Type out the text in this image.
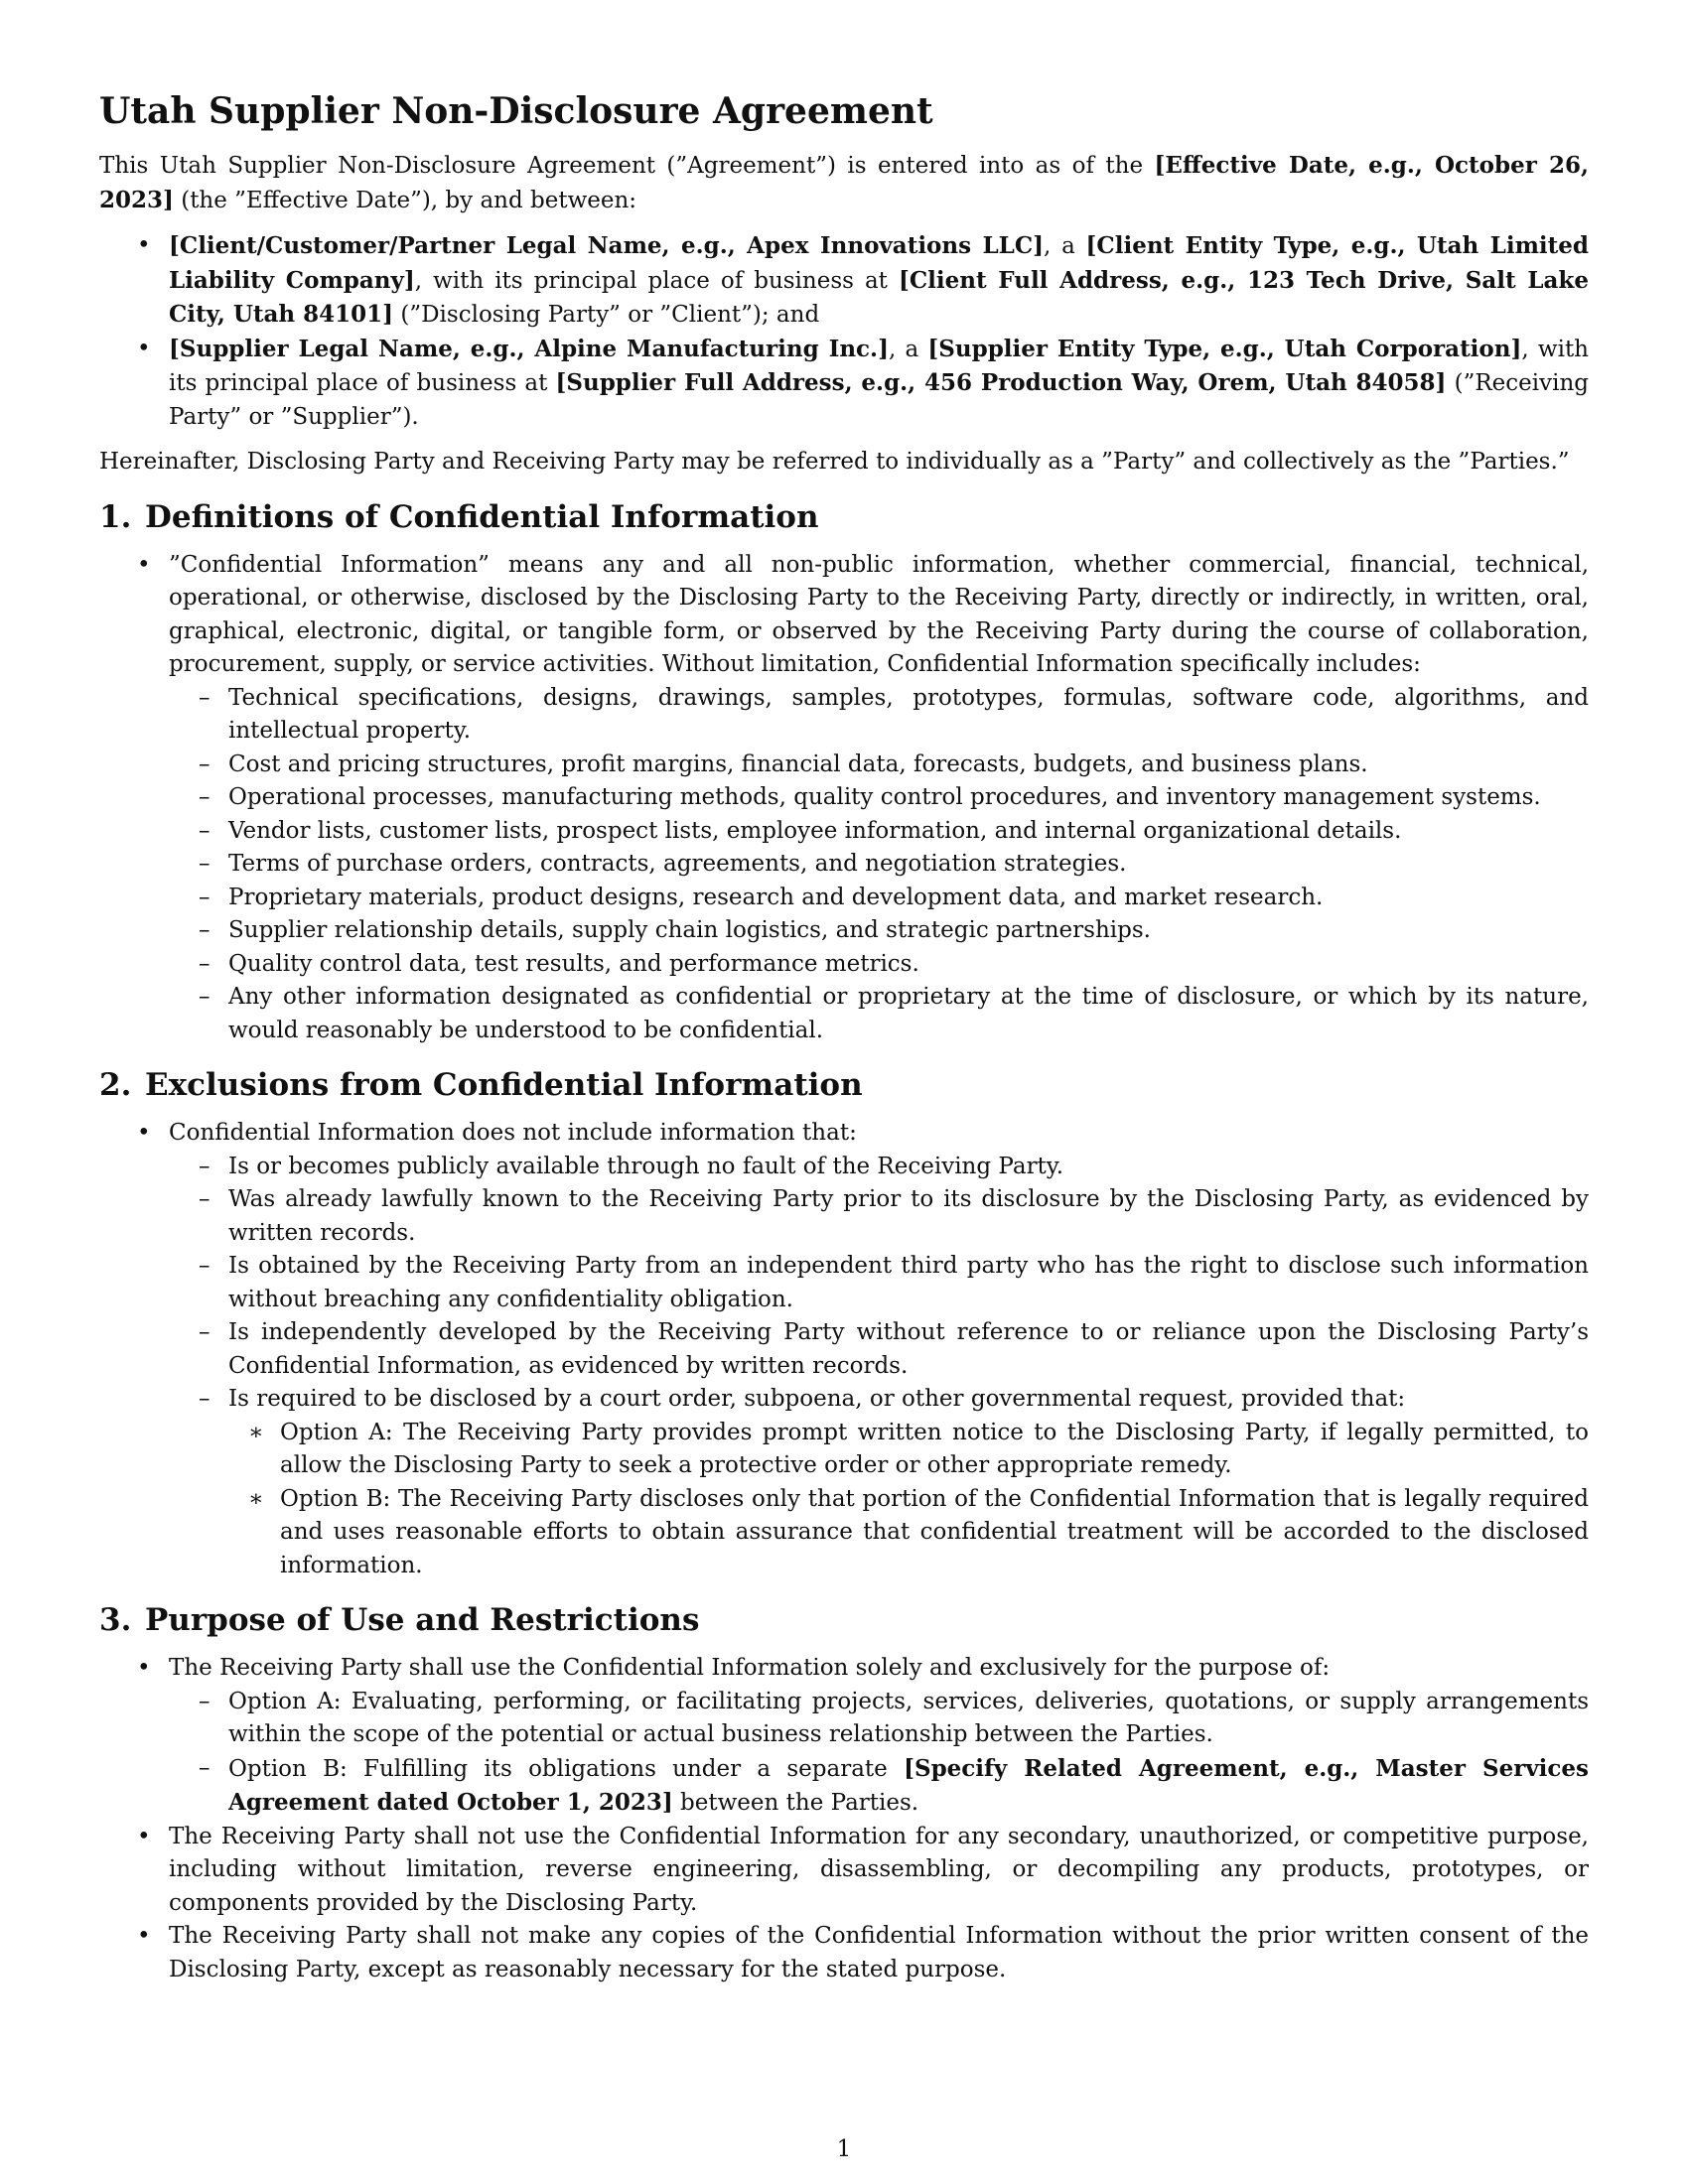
Utah Supplier Non-Disclosure Agreement

This Utah Supplier Non-Disclosure Agreement (”Agreement”) is entered into as of the [Effective Date, e.g., October 26, 2023] (the ”Effective Date”), by and between:

• [Client/Customer/Partner Legal Name, e.g., Apex Innovations LLC], a [Client Entity Type, e.g., Utah Limited Liability Company], with its principal place of business at [Client Full Address, e.g., 123 Tech Drive, Salt Lake City, Utah 84101] (”Disclosing Party” or ”Client”); and
• [Supplier Legal Name, e.g., Alpine Manufacturing Inc.], a [Supplier Entity Type, e.g., Utah Corporation], with its principal place of business at [Supplier Full Address, e.g., 456 Production Way, Orem, Utah 84058] (”Receiving Party” or ”Supplier”).

Hereinafter, Disclosing Party and Receiving Party may be referred to individually as a ”Party” and collectively as the ”Parties.”

1. Definitions of Confidential Information
• ”Confidential Information” means any and all non-public information, whether commercial, financial, technical, operational, or otherwise, disclosed by the Disclosing Party to the Receiving Party, directly or indirectly, in written, oral, graphical, electronic, digital, or tangible form, or observed by the Receiving Party during the course of collaboration, procurement, supply, or service activities. Without limitation, Confidential Information specifically includes:
– Technical specifications, designs, drawings, samples, prototypes, formulas, software code, algorithms, and intellectual property.
– Cost and pricing structures, profit margins, financial data, forecasts, budgets, and business plans.
– Operational processes, manufacturing methods, quality control procedures, and inventory management systems.
– Vendor lists, customer lists, prospect lists, employee information, and internal organizational details.
– Terms of purchase orders, contracts, agreements, and negotiation strategies.
– Proprietary materials, product designs, research and development data, and market research.
– Supplier relationship details, supply chain logistics, and strategic partnerships.
– Quality control data, test results, and performance metrics.
– Any other information designated as confidential or proprietary at the time of disclosure, or which by its nature, would reasonably be understood to be confidential.
2. Exclusions from Confidential Information
• Confidential Information does not include information that:
– Is or becomes publicly available through no fault of the Receiving Party.
– Was already lawfully known to the Receiving Party prior to its disclosure by the Disclosing Party, as evidenced by written records.
– Is obtained by the Receiving Party from an independent third party who has the right to disclose such information without breaching any confidentiality obligation.
– Is independently developed by the Receiving Party without reference to or reliance upon the Disclosing Party’s Confidential Information, as evidenced by written records.
– Is required to be disclosed by a court order, subpoena, or other governmental request, provided that:
∗ Option A: The Receiving Party provides prompt written notice to the Disclosing Party, if legally permitted, to allow the Disclosing Party to seek a protective order or other appropriate remedy.
∗ Option B: The Receiving Party discloses only that portion of the Confidential Information that is legally required and uses reasonable efforts to obtain assurance that confidential treatment will be accorded to the disclosed information.
3. Purpose of Use and Restrictions
• The Receiving Party shall use the Confidential Information solely and exclusively for the purpose of:
– Option A: Evaluating, performing, or facilitating projects, services, deliveries, quotations, or supply arrangements within the scope of the potential or actual business relationship between the Parties.
– Option B: Fulfilling its obligations under a separate [Specify Related Agreement, e.g., Master Services Agreement dated October 1, 2023] between the Parties.
• The Receiving Party shall not use the Confidential Information for any secondary, unauthorized, or competitive purpose, including without limitation, reverse engineering, disassembling, or decompiling any products, prototypes, or components provided by the Disclosing Party.
• The Receiving Party shall not make any copies of the Confidential Information without the prior written consent of the Disclosing Party, except as reasonably necessary for the stated purpose.
1
